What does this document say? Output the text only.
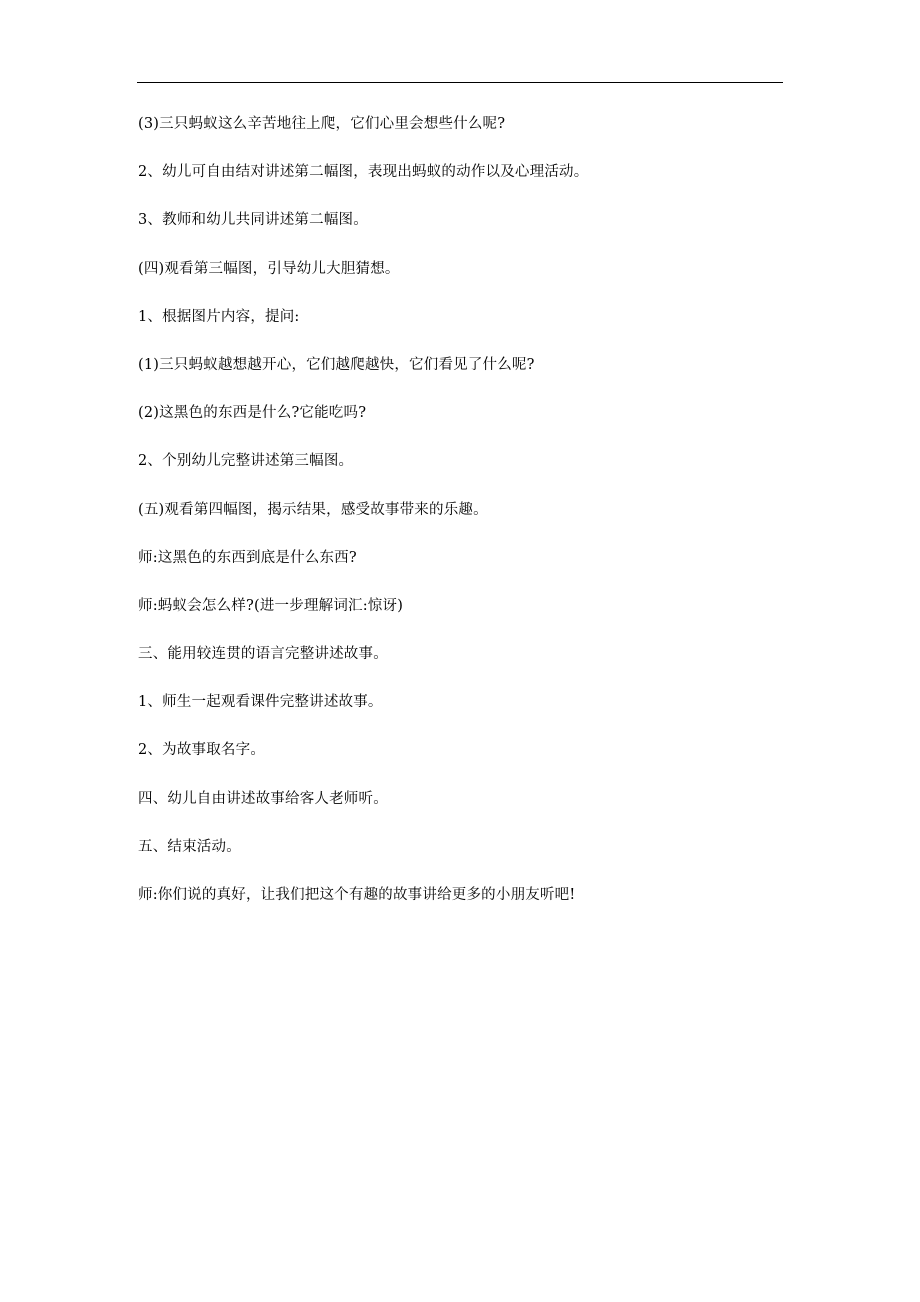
(3)三只蚂蚁这么辛苦地往上爬，它们心里会想些什么呢?

2、幼儿可自由结对讲述第二幅图，表现出蚂蚁的动作以及心理活动。

3、教师和幼儿共同讲述第二幅图。

(四)观看第三幅图，引导幼儿大胆猜想。

1、根据图片内容，提问:

(1)三只蚂蚁越想越开心，它们越爬越快，它们看见了什么呢?

(2)这黑色的东西是什么?它能吃吗?

2、个别幼儿完整讲述第三幅图。

(五)观看第四幅图，揭示结果，感受故事带来的乐趣。

师:这黑色的东西到底是什么东西?

师:蚂蚁会怎么样?(进一步理解词汇:惊讶)

三、能用较连贯的语言完整讲述故事。

1、师生一起观看课件完整讲述故事。

2、为故事取名字。

四、幼儿自由讲述故事给客人老师听。

五、结束活动。

师:你们说的真好，让我们把这个有趣的故事讲给更多的小朋友听吧!
